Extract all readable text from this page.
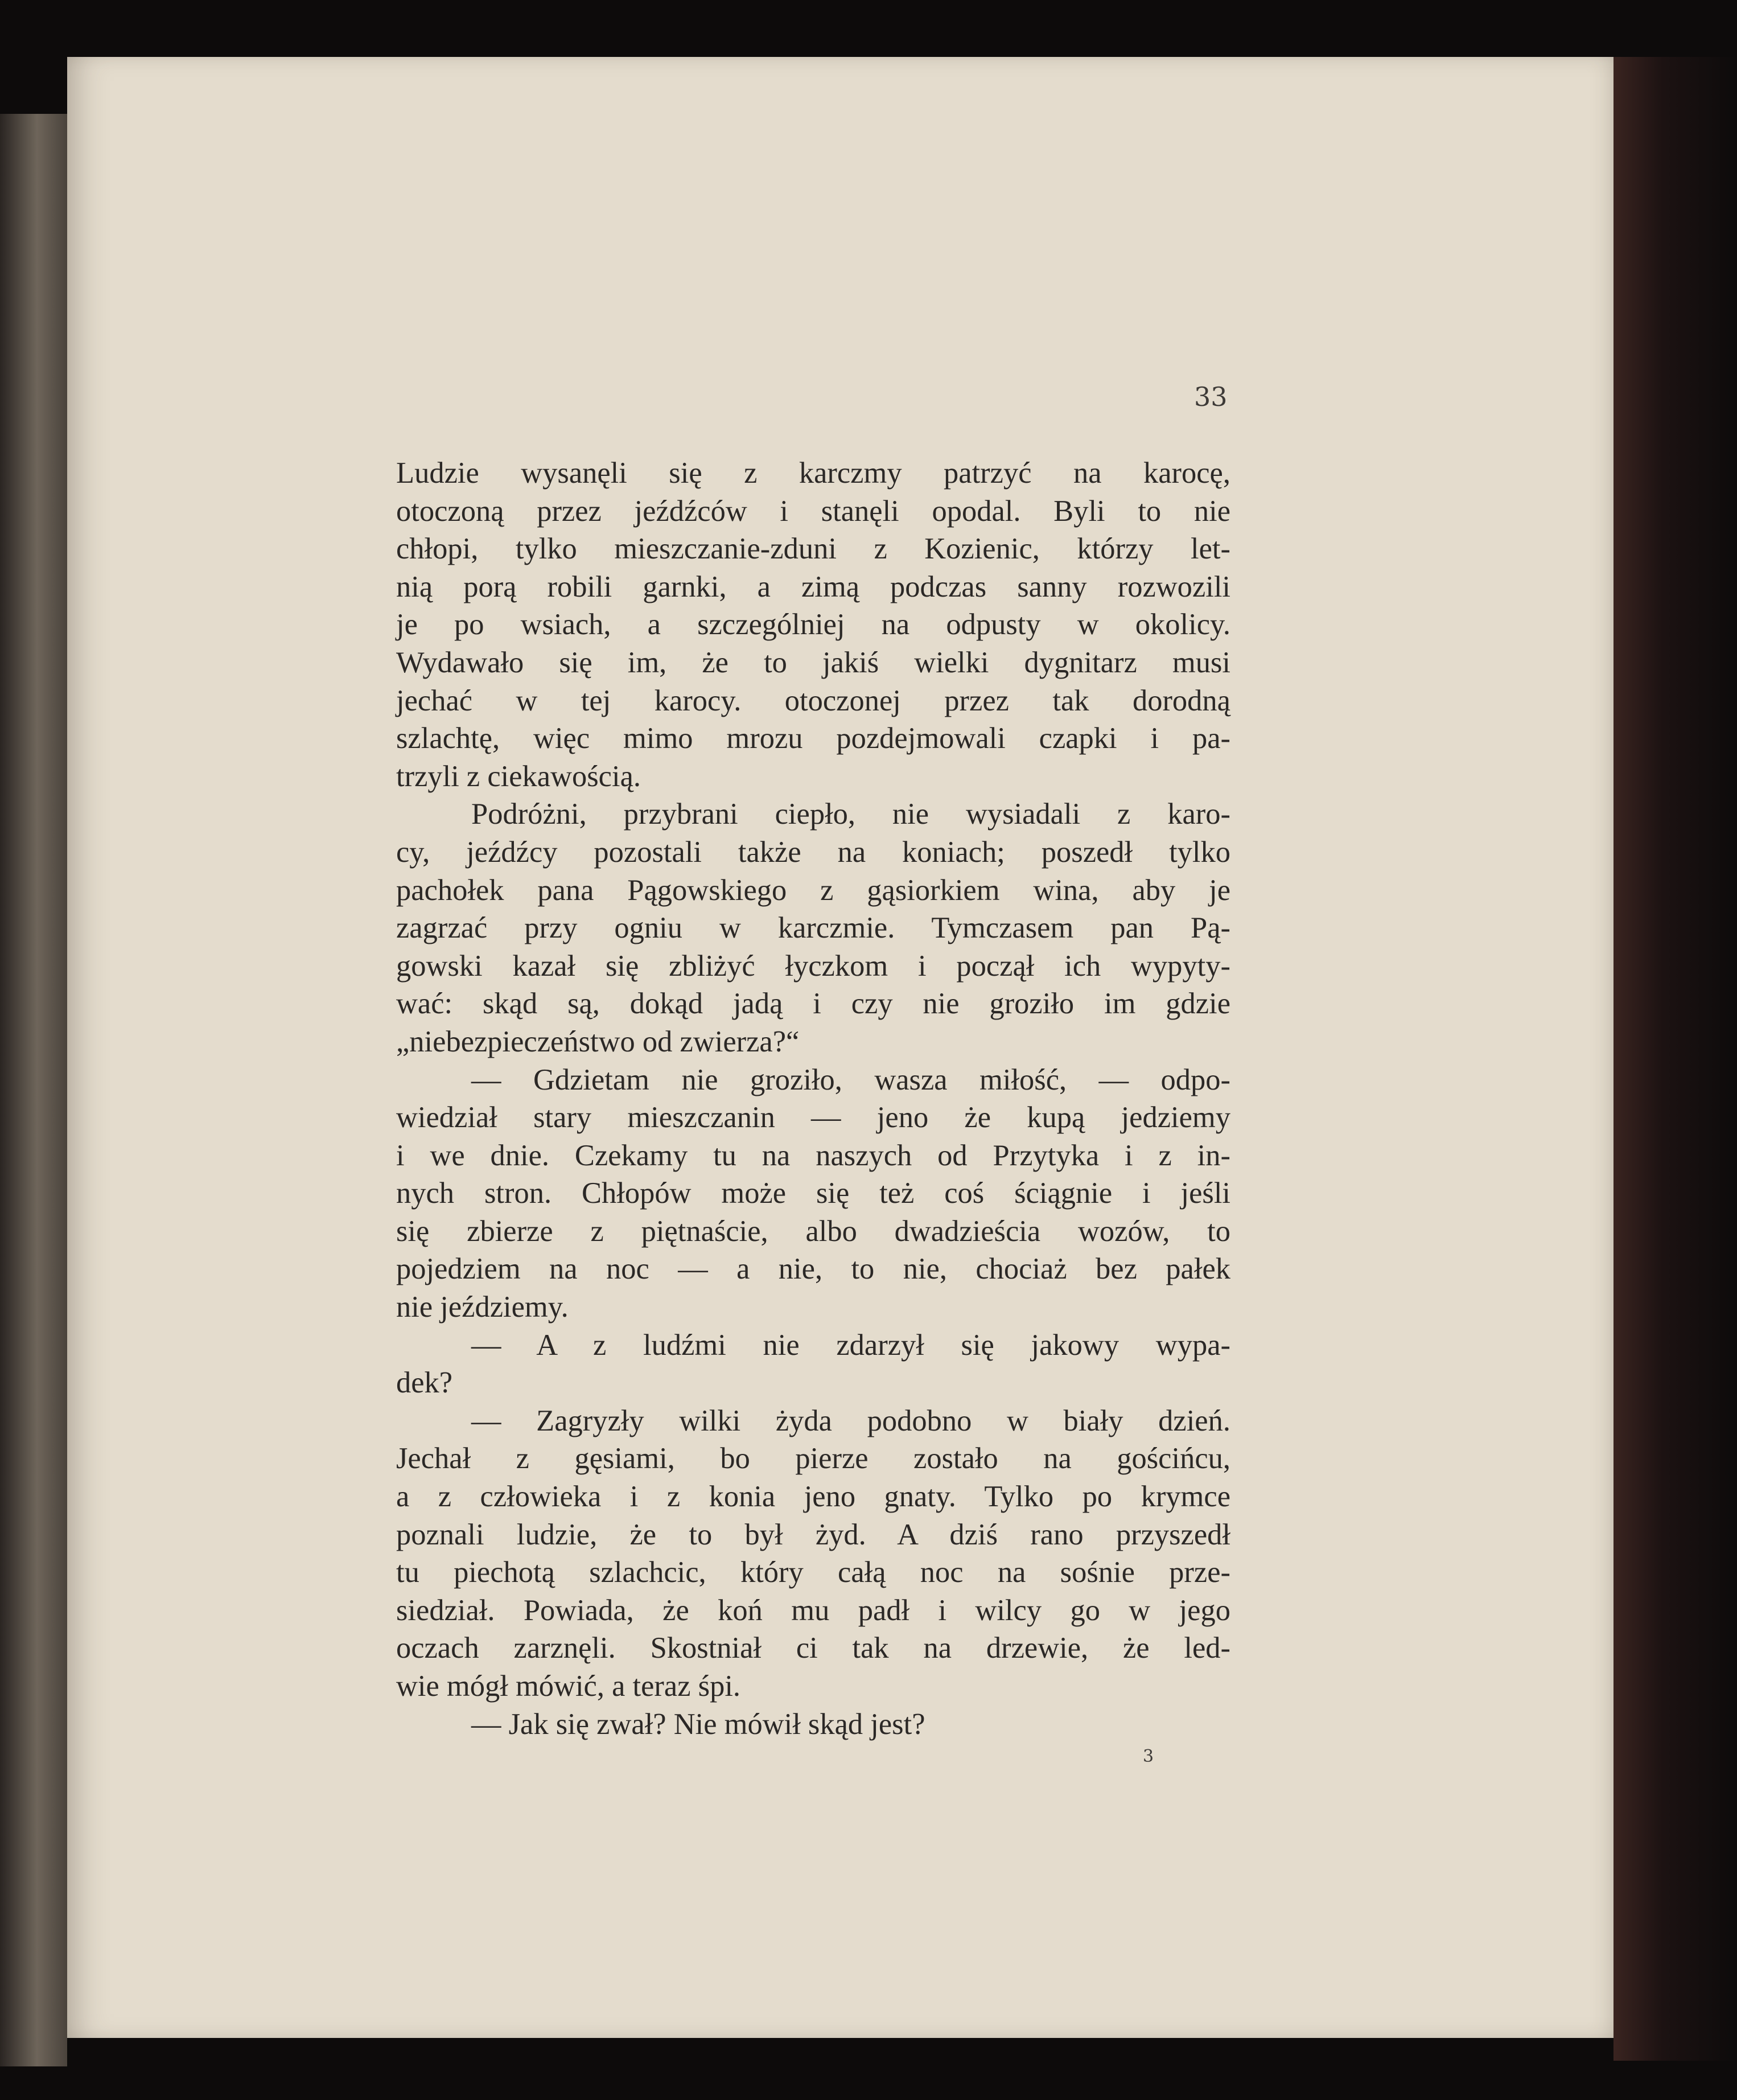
33
Ludzie wysanęli się z karczmy patrzyć na karocę,
otoczoną przez jeźdźców i stanęli opodal. Byli to nie
chłopi, tylko mieszczanie-zduni z Kozienic, którzy let-
nią porą robili garnki, a zimą podczas sanny rozwozili
je po wsiach, a szczególniej na odpusty w okolicy.
Wydawało się im, że to jakiś wielki dygnitarz musi
jechać w tej karocy. otoczonej przez tak dorodną
szlachtę, więc mimo mrozu pozdejmowali czapki i pa-
trzyli z ciekawością.
Podróżni, przybrani ciepło, nie wysiadali z karo-
cy, jeźdźcy pozostali także na koniach; poszedł tylko
pachołek pana Pągowskiego z gąsiorkiem wina, aby je
zagrzać przy ogniu w karczmie. Tymczasem pan Pą-
gowski kazał się zbliżyć łyczkom i począł ich wypyty-
wać: skąd są, dokąd jadą i czy nie groziło im gdzie
„niebezpieczeństwo od zwierza?“
— Gdzietam nie groziło, wasza miłość, — odpo-
wiedział stary mieszczanin — jeno że kupą jedziemy
i we dnie. Czekamy tu na naszych od Przytyka i z in-
nych stron. Chłopów może się też coś ściągnie i jeśli
się zbierze z piętnaście, albo dwadzieścia wozów, to
pojedziem na noc — a nie, to nie, chociaż bez pałek
nie jeździemy.
— A z ludźmi nie zdarzył się jakowy wypa-
dek?
— Zagryzły wilki żyda podobno w biały dzień.
Jechał z gęsiami, bo pierze zostało na gościńcu,
a z człowieka i z konia jeno gnaty. Tylko po krymce
poznali ludzie, że to był żyd. A dziś rano przyszedł
tu piechotą szlachcic, który całą noc na sośnie prze-
siedział. Powiada, że koń mu padł i wilcy go w jego
oczach zarznęli. Skostniał ci tak na drzewie, że led-
wie mógł mówić, a teraz śpi.
— Jak się zwał? Nie mówił skąd jest?
3
